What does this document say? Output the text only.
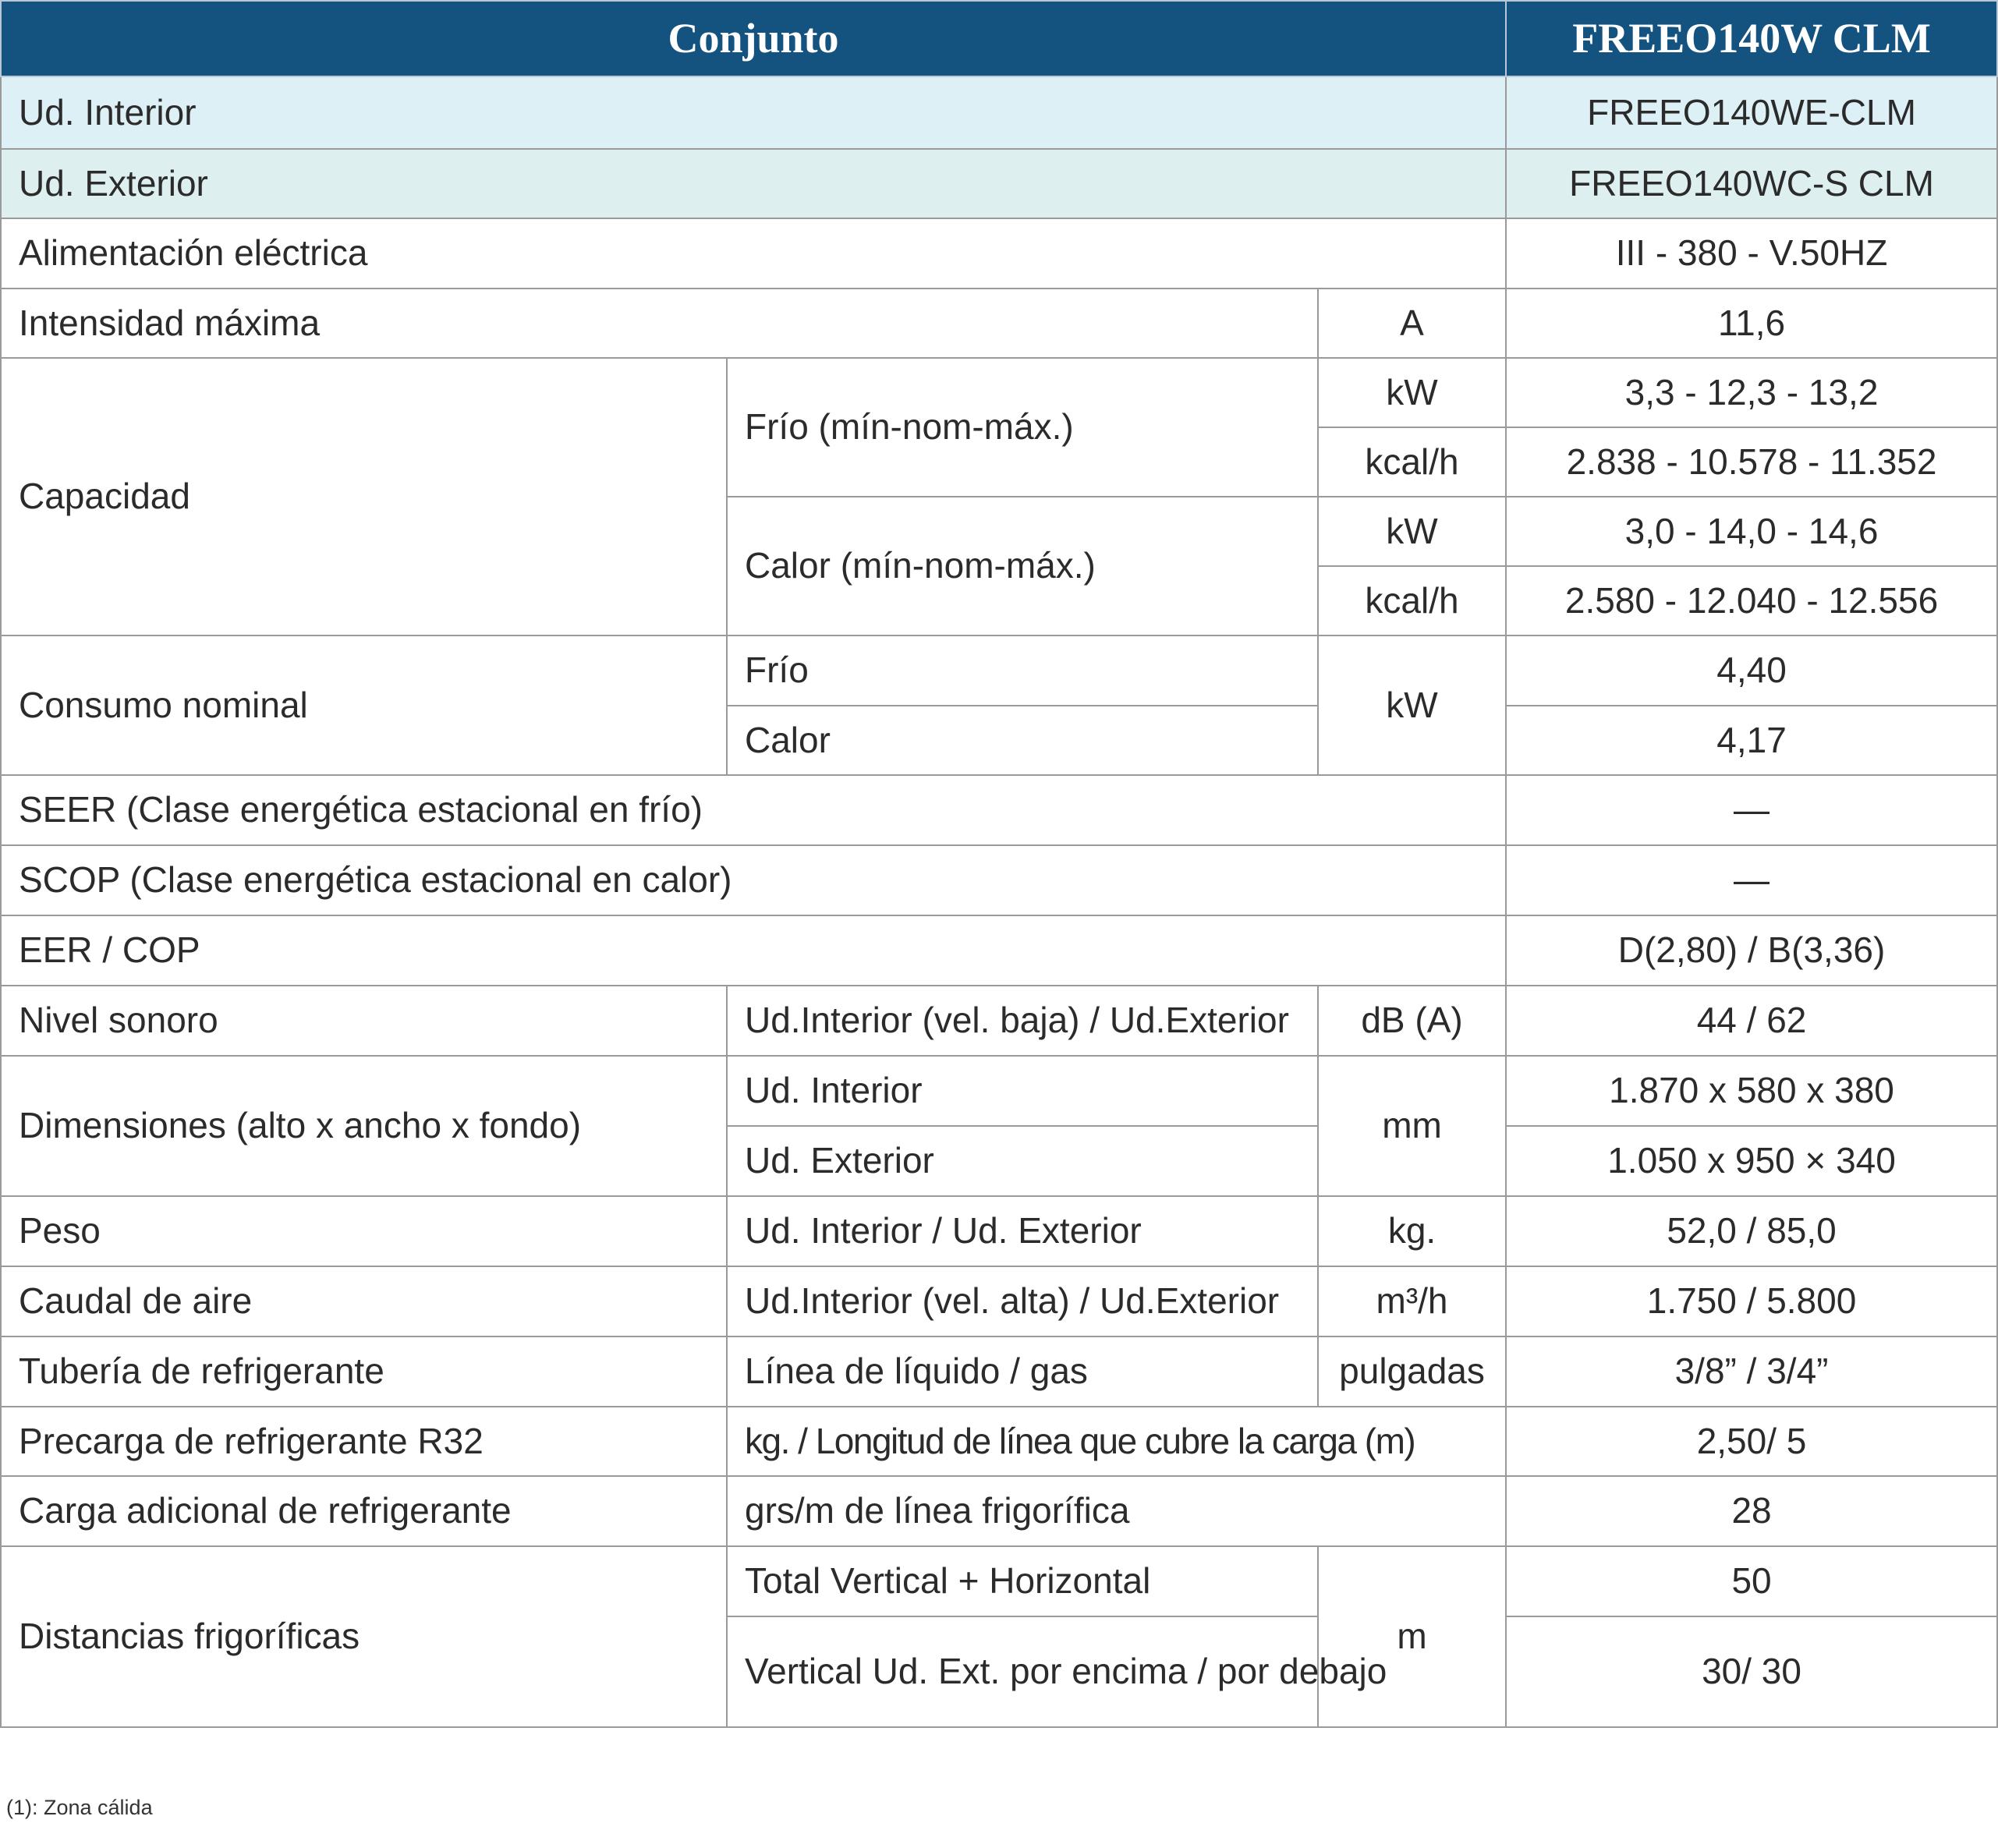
Conjunto			FREEO140W CLM
Ud. Interior			FREEO140WE-CLM
Ud. Exterior			FREEO140WC-S CLM
Alimentación eléctrica			III - 380 - V.50HZ
Intensidad máxima		A	11,6
Capacidad	Frío (mín-nom-máx.)	kW	3,3 - 12,3 - 13,2
		kcal/h	2.838 - 10.578 - 11.352
	Calor (mín-nom-máx.)	kW	3,0 - 14,0 - 14,6
		kcal/h	2.580 - 12.040 - 12.556
Consumo nominal	Frío	kW	4,40
	Calor		4,17
SEER (Clase energética estacional en frío)			—
SCOP (Clase energética estacional en calor)			—
EER / COP			D(2,80) / B(3,36)
Nivel sonoro	Ud.Interior (vel. baja) / Ud.Exterior	dB (A)	44 / 62
Dimensiones (alto x ancho x fondo)	Ud. Interior	mm	1.870 x 580 x 380
	Ud. Exterior		1.050 x 950 × 340
Peso	Ud. Interior / Ud. Exterior	kg.	52,0 / 85,0
Caudal de aire	Ud.Interior (vel. alta) / Ud.Exterior	m³/h	1.750 / 5.800
Tubería de refrigerante	Línea de líquido / gas	pulgadas	3/8” / 3/4”
Precarga de refrigerante R32	kg. / Longitud de línea que cubre la carga (m)		2,50/ 5
Carga adicional de refrigerante	grs/m de línea frigorífica		28
Distancias frigoríficas	Total Vertical + Horizontal	m	50
	Vertical Ud. Ext. por encima / por debajo		30/ 30
(1): Zona cálida
